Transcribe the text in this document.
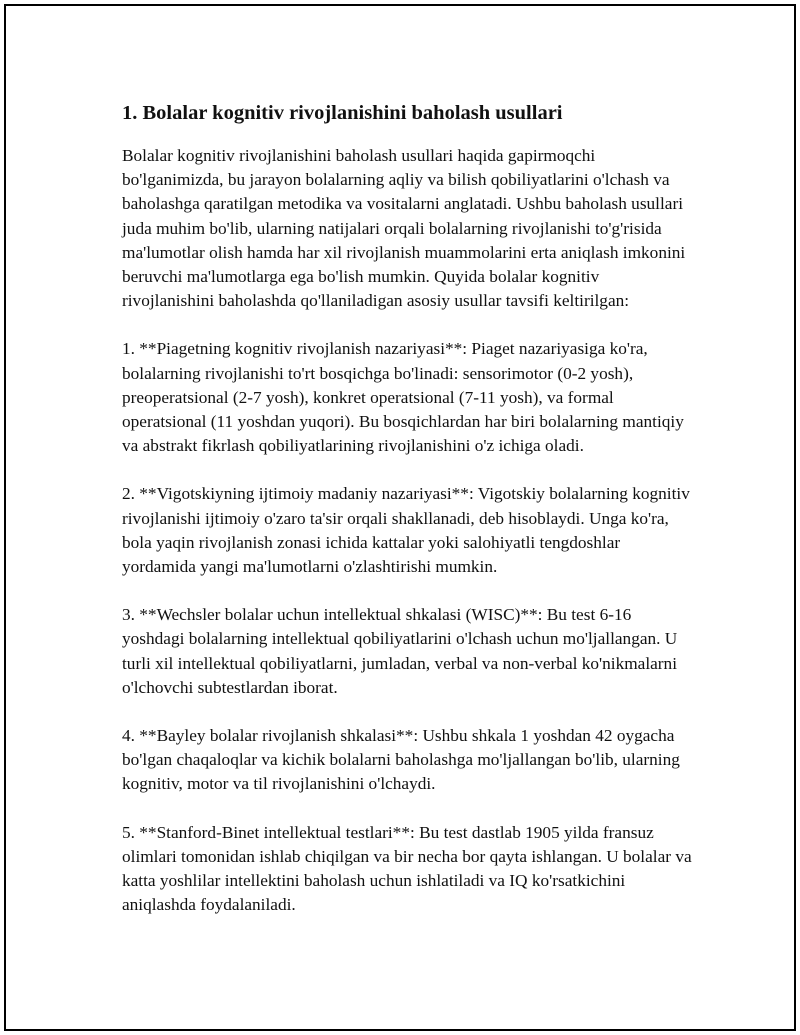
1. Bolalar kognitiv rivojlanishini baholash usullari

Bolalar kognitiv rivojlanishini baholash usullari haqida gapirmoqchi bo'lganimizda, bu jarayon bolalarning aqliy va bilish qobiliyatlarini o'lchash va baholashga qaratilgan metodika va vositalarni anglatadi. Ushbu baholash usullari juda muhim bo'lib, ularning natijalari orqali bolalarning rivojlanishi to'g'risida ma'lumotlar olish hamda har xil rivojlanish muammolarini erta aniqlash imkonini beruvchi ma'lumotlarga ega bo'lish mumkin. Quyida bolalar kognitiv rivojlanishini baholashda qo'llaniladigan asosiy usullar tavsifi keltirilgan:

1. **Piagetning kognitiv rivojlanish nazariyasi**: Piaget nazariyasiga ko'ra, bolalarning rivojlanishi to'rt bosqichga bo'linadi: sensorimotor (0-2 yosh), preoperatsional (2-7 yosh), konkret operatsional (7-11 yosh), va formal operatsional (11 yoshdan yuqori). Bu bosqichlardan har biri bolalarning mantiqiy va abstrakt fikrlash qobiliyatlarining rivojlanishini o'z ichiga oladi.

2. **Vigotskiyning ijtimoiy madaniy nazariyasi**: Vigotskiy bolalarning kognitiv rivojlanishi ijtimoiy o'zaro ta'sir orqali shakllanadi, deb hisoblaydi. Unga ko'ra, bola yaqin rivojlanish zonasi ichida kattalar yoki salohiyatli tengdoshlar yordamida yangi ma'lumotlarni o'zlashtirishi mumkin.

3. **Wechsler bolalar uchun intellektual shkalasi (WISC)**: Bu test 6-16 yoshdagi bolalarning intellektual qobiliyatlarini o'lchash uchun mo'ljallangan. U turli xil intellektual qobiliyatlarni, jumladan, verbal va non-verbal ko'nikmalarni o'lchovchi subtestlardan iborat.

4. **Bayley bolalar rivojlanish shkalasi**: Ushbu shkala 1 yoshdan 42 oygacha bo'lgan chaqaloqlar va kichik bolalarni baholashga mo'ljallangan bo'lib, ularning kognitiv, motor va til rivojlanishini o'lchaydi.

5. **Stanford-Binet intellektual testlari**: Bu test dastlab 1905 yilda fransuz olimlari tomonidan ishlab chiqilgan va bir necha bor qayta ishlangan. U bolalar va katta yoshlilar intellektini baholash uchun ishlatiladi va IQ ko'rsatkichini aniqlashda foydalaniladi.
